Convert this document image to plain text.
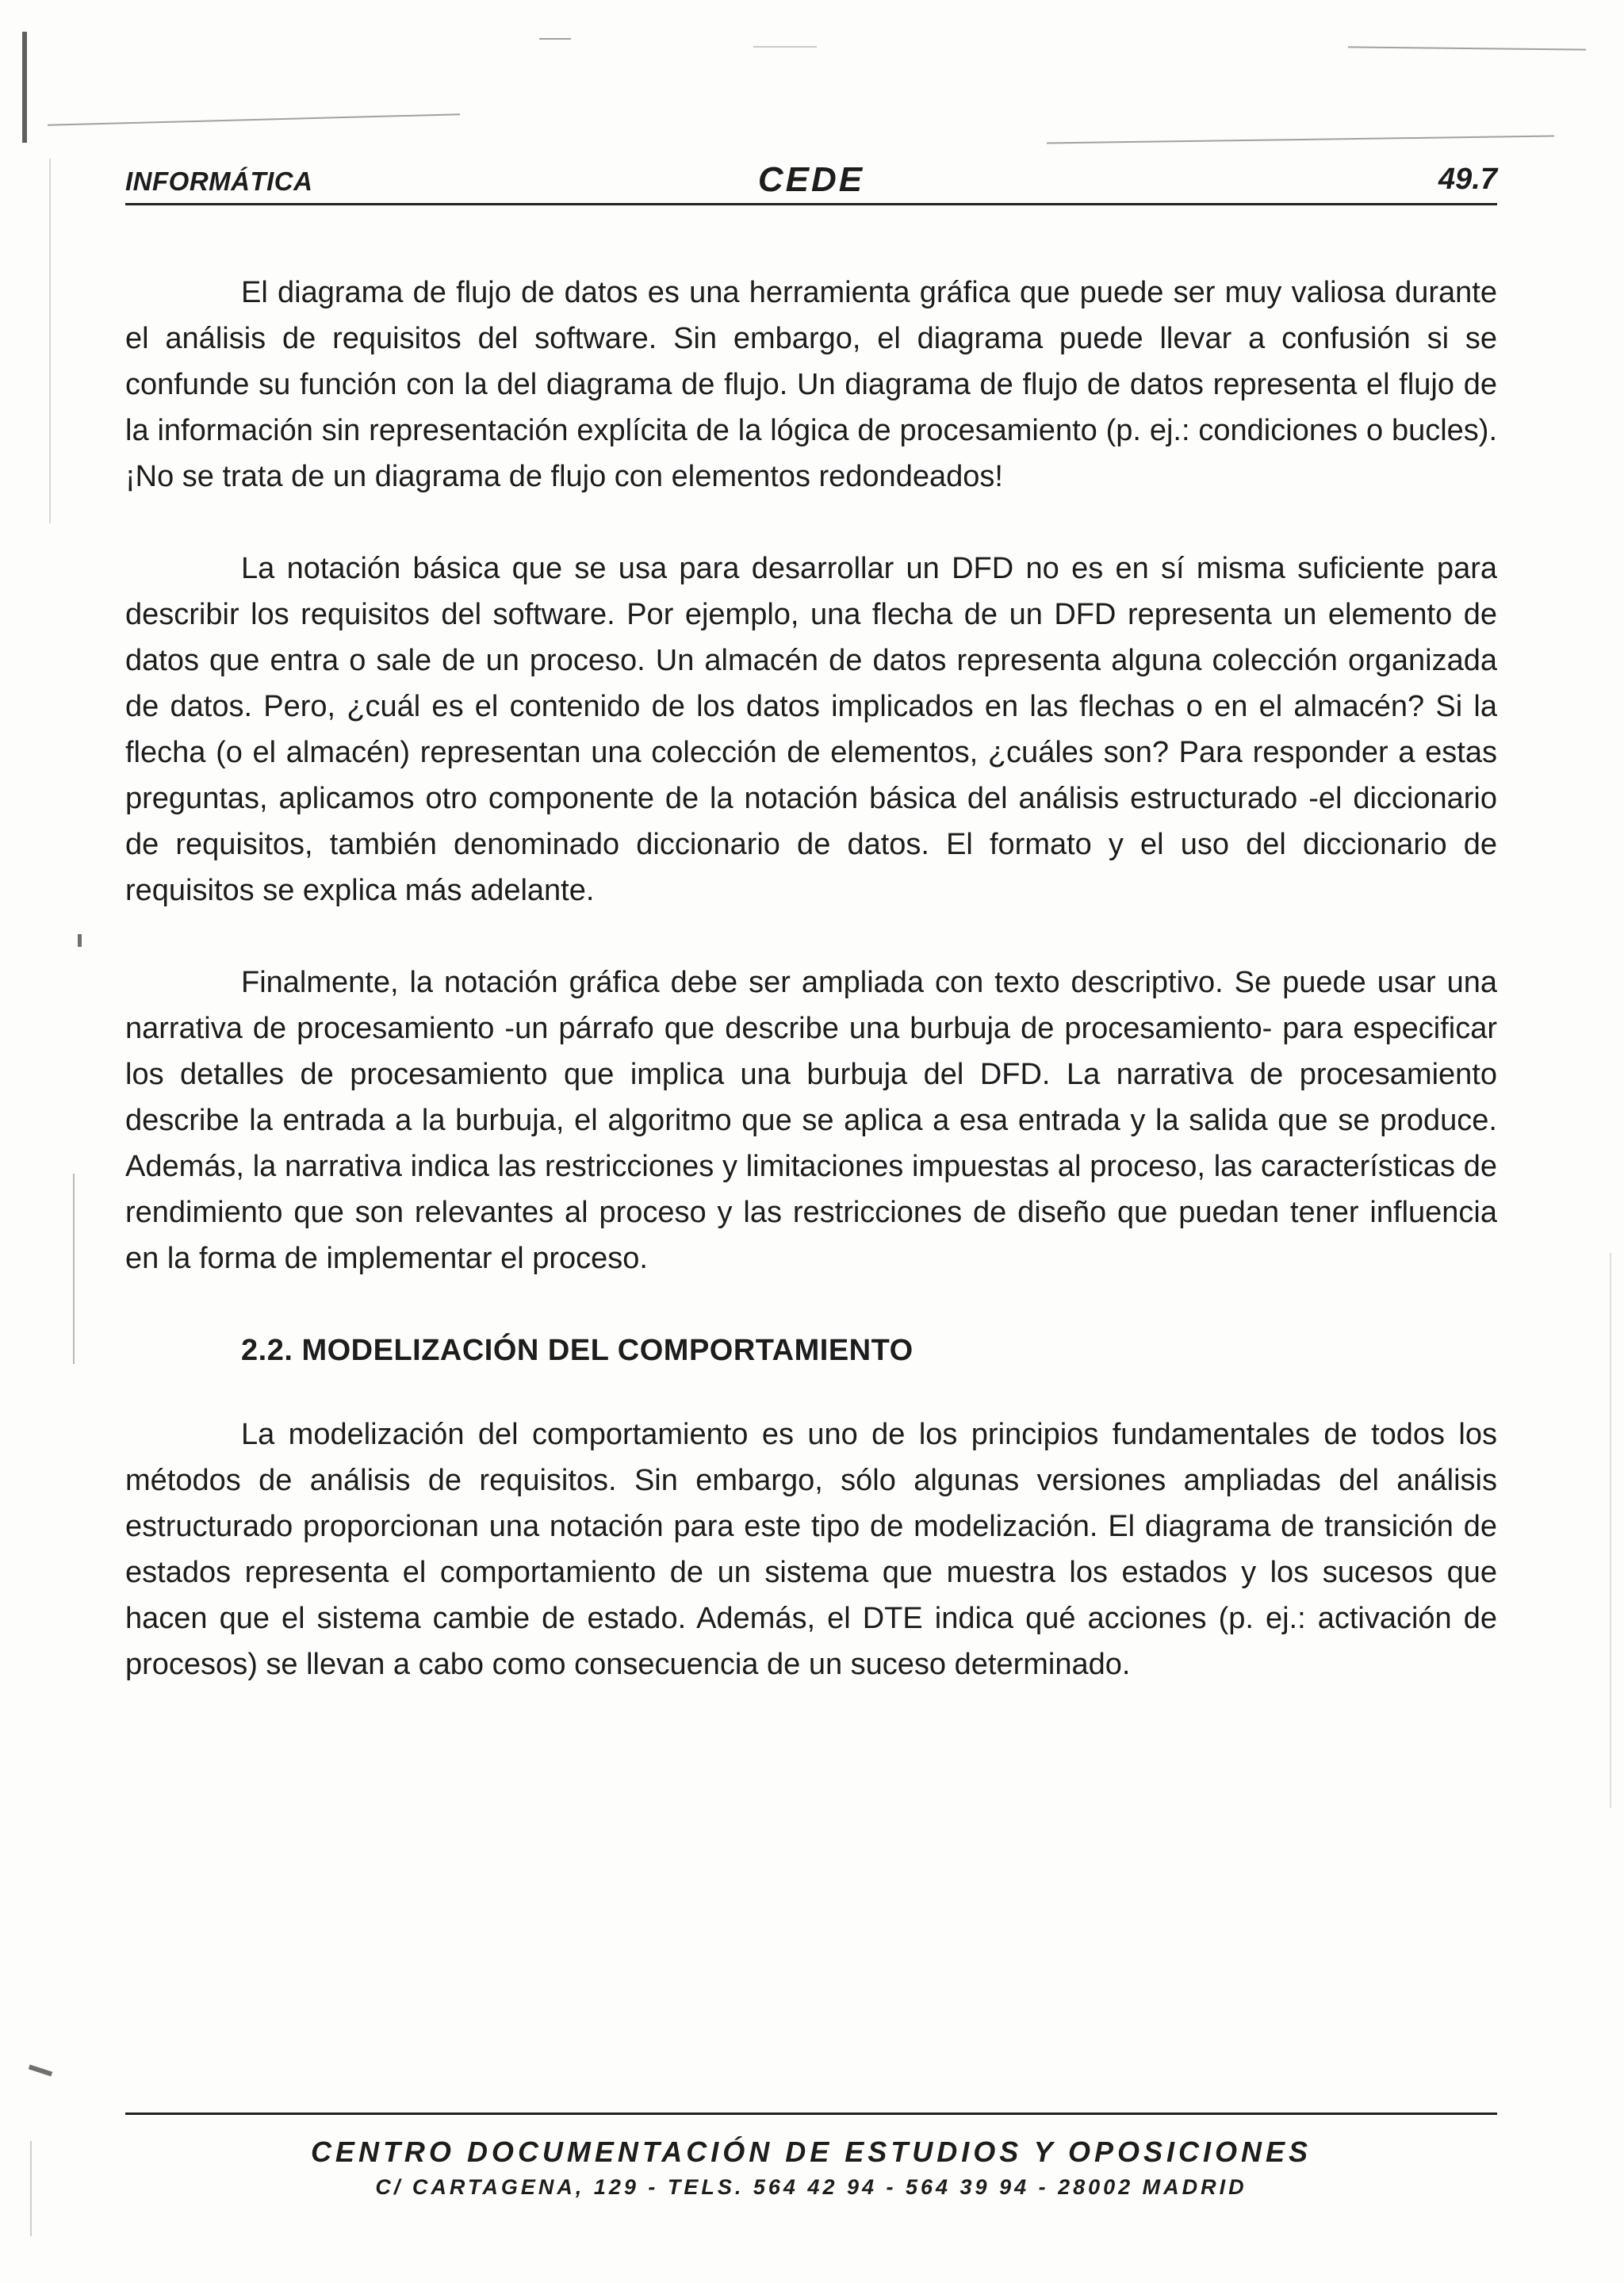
INFORMÁTICA	CEDE	49.7

El diagrama de flujo de datos es una herramienta gráfica que puede ser muy valiosa durante el análisis de requisitos del software. Sin embargo, el diagrama puede llevar a confusión si se confunde su función con la del diagrama de flujo. Un diagrama de flujo de datos representa el flujo de la información sin representación explícita de la lógica de procesamiento (p. ej.: condiciones o bucles). ¡No se trata de un diagrama de flujo con elementos redondeados!

La notación básica que se usa para desarrollar un DFD no es en sí misma suficiente para describir los requisitos del software. Por ejemplo, una flecha de un DFD representa un elemento de datos que entra o sale de un proceso. Un almacén de datos representa alguna colección organizada de datos. Pero, ¿cuál es el contenido de los datos implicados en las flechas o en el almacén? Si la flecha (o el almacén) representan una colección de elementos, ¿cuáles son? Para responder a estas preguntas, aplicamos otro componente de la notación básica del análisis estructurado -el diccionario de requisitos, también denominado diccionario de datos. El formato y el uso del diccionario de requisitos se explica más adelante.

Finalmente, la notación gráfica debe ser ampliada con texto descriptivo. Se puede usar una narrativa de procesamiento -un párrafo que describe una burbuja de procesamiento- para especificar los detalles de procesamiento que implica una burbuja del DFD. La narrativa de procesamiento describe la entrada a la burbuja, el algoritmo que se aplica a esa entrada y la salida que se produce. Además, la narrativa indica las restricciones y limitaciones impuestas al proceso, las características de rendimiento que son relevantes al proceso y las restricciones de diseño que puedan tener influencia en la forma de implementar el proceso.

2.2. MODELIZACIÓN DEL COMPORTAMIENTO

La modelización del comportamiento es uno de los principios fundamentales de todos los métodos de análisis de requisitos. Sin embargo, sólo algunas versiones ampliadas del análisis estructurado proporcionan una notación para este tipo de modelización. El diagrama de transición de estados representa el comportamiento de un sistema que muestra los estados y los sucesos que hacen que el sistema cambie de estado. Además, el DTE indica qué acciones (p. ej.: activación de procesos) se llevan a cabo como consecuencia de un suceso determinado.

CENTRO DOCUMENTACIÓN DE ESTUDIOS Y OPOSICIONES
C/ CARTAGENA, 129 - TELS. 564 42 94 - 564 39 94 - 28002 MADRID
